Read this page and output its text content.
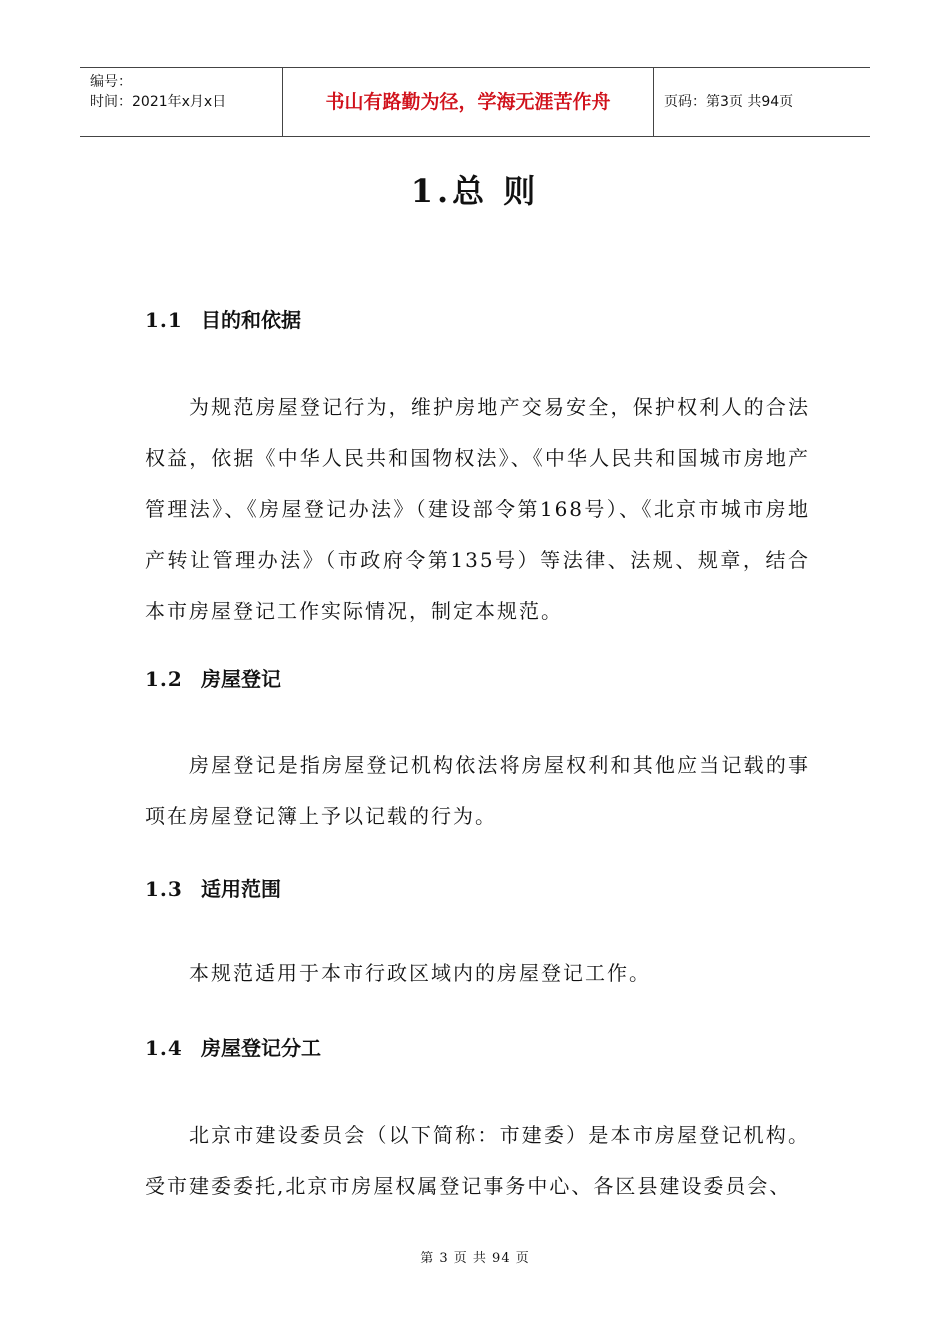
编号：
时间：2021年x月x日	书山有路勤为径，学海无涯苦作舟	页码：第3页 共94页
1.总 则
1.1 目的和依据

为规范房屋登记行为，维护房地产交易安全，保护权利人的合法权益，依据《中华人民共和国物权法》、《中华人民共和国城市房地产管理法》、《房屋登记办法》（建设部令第168号）、《北京市城市房地产转让管理办法》（市政府令第135号）等法律、法规、规章，结合本市房屋登记工作实际情况，制定本规范。

1.2 房屋登记

房屋登记是指房屋登记机构依法将房屋权利和其他应当记载的事项在房屋登记簿上予以记载的行为。

1.3 适用范围

本规范适用于本市行政区域内的房屋登记工作。

1.4 房屋登记分工

北京市建设委员会（以下简称：市建委）是本市房屋登记机构。受市建委委托,北京市房屋权属登记事务中心、各区县建设委员会、

第 3 页 共 94 页
